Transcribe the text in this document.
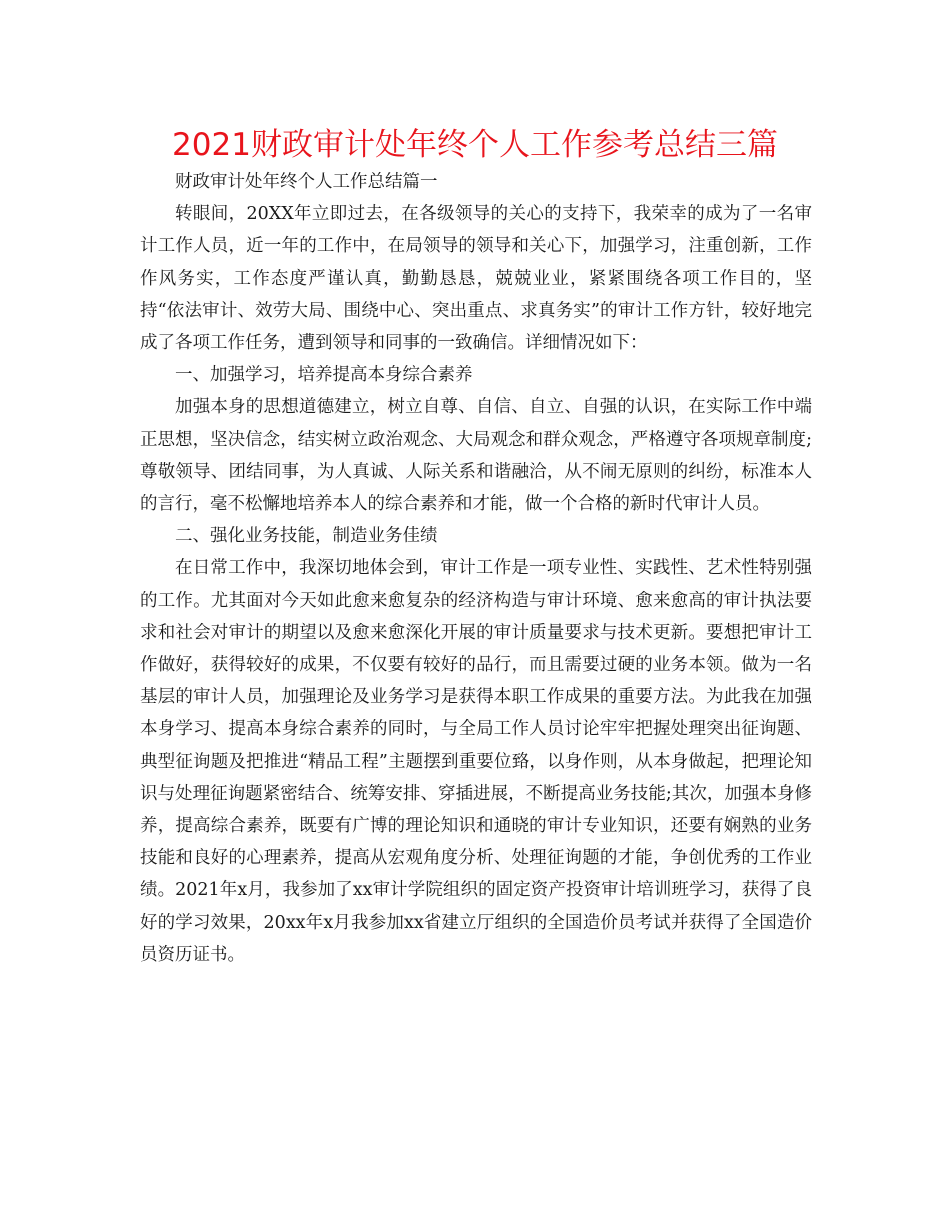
2021财政审计处年终个人工作参考总结三篇

财政审计处年终个人工作总结篇一

转眼间，20XX年立即过去，在各级领导的关心的支持下，我荣幸的成为了一名审计工作人员，近一年的工作中，在局领导的领导和关心下，加强学习，注重创新，工作作风务实，工作态度严谨认真，勤勤恳恳，兢兢业业，紧紧围绕各项工作目的，坚持“依法审计、效劳大局、围绕中心、突出重点、求真务实”的审计工作方针，较好地完成了各项工作任务，遭到领导和同事的一致确信。详细情况如下：

一、加强学习，培养提高本身综合素养

加强本身的思想道德建立，树立自尊、自信、自立、自强的认识，在实际工作中端正思想，坚决信念，结实树立政治观念、大局观念和群众观念，严格遵守各项规章制度;尊敬领导、团结同事，为人真诚、人际关系和谐融洽，从不闹无原则的纠纷，标准本人的言行，毫不松懈地培养本人的综合素养和才能，做一个合格的新时代审计人员。

二、强化业务技能，制造业务佳绩

在日常工作中，我深切地体会到，审计工作是一项专业性、实践性、艺术性特别强的工作。尤其面对今天如此愈来愈复杂的经济构造与审计环境、愈来愈高的审计执法要求和社会对审计的期望以及愈来愈深化开展的审计质量要求与技术更新。要想把审计工作做好，获得较好的成果，不仅要有较好的品行，而且需要过硬的业务本领。做为一名基层的审计人员，加强理论及业务学习是获得本职工作成果的重要方法。为此我在加强本身学习、提高本身综合素养的同时，与全局工作人员讨论牢牢把握处理突出征询题、典型征询题及把推进“精品工程”主题摆到重要位臵，以身作则，从本身做起，把理论知识与处理征询题紧密结合、统筹安排、穿插进展，不断提高业务技能;其次，加强本身修养，提高综合素养，既要有广博的理论知识和通晓的审计专业知识，还要有娴熟的业务技能和良好的心理素养，提高从宏观角度分析、处理征询题的才能，争创优秀的工作业绩。2021年x月，我参加了xx审计学院组织的固定资产投资审计培训班学习，获得了良好的学习效果，20xx年x月我参加xx省建立厅组织的全国造价员考试并获得了全国造价员资历证书。
